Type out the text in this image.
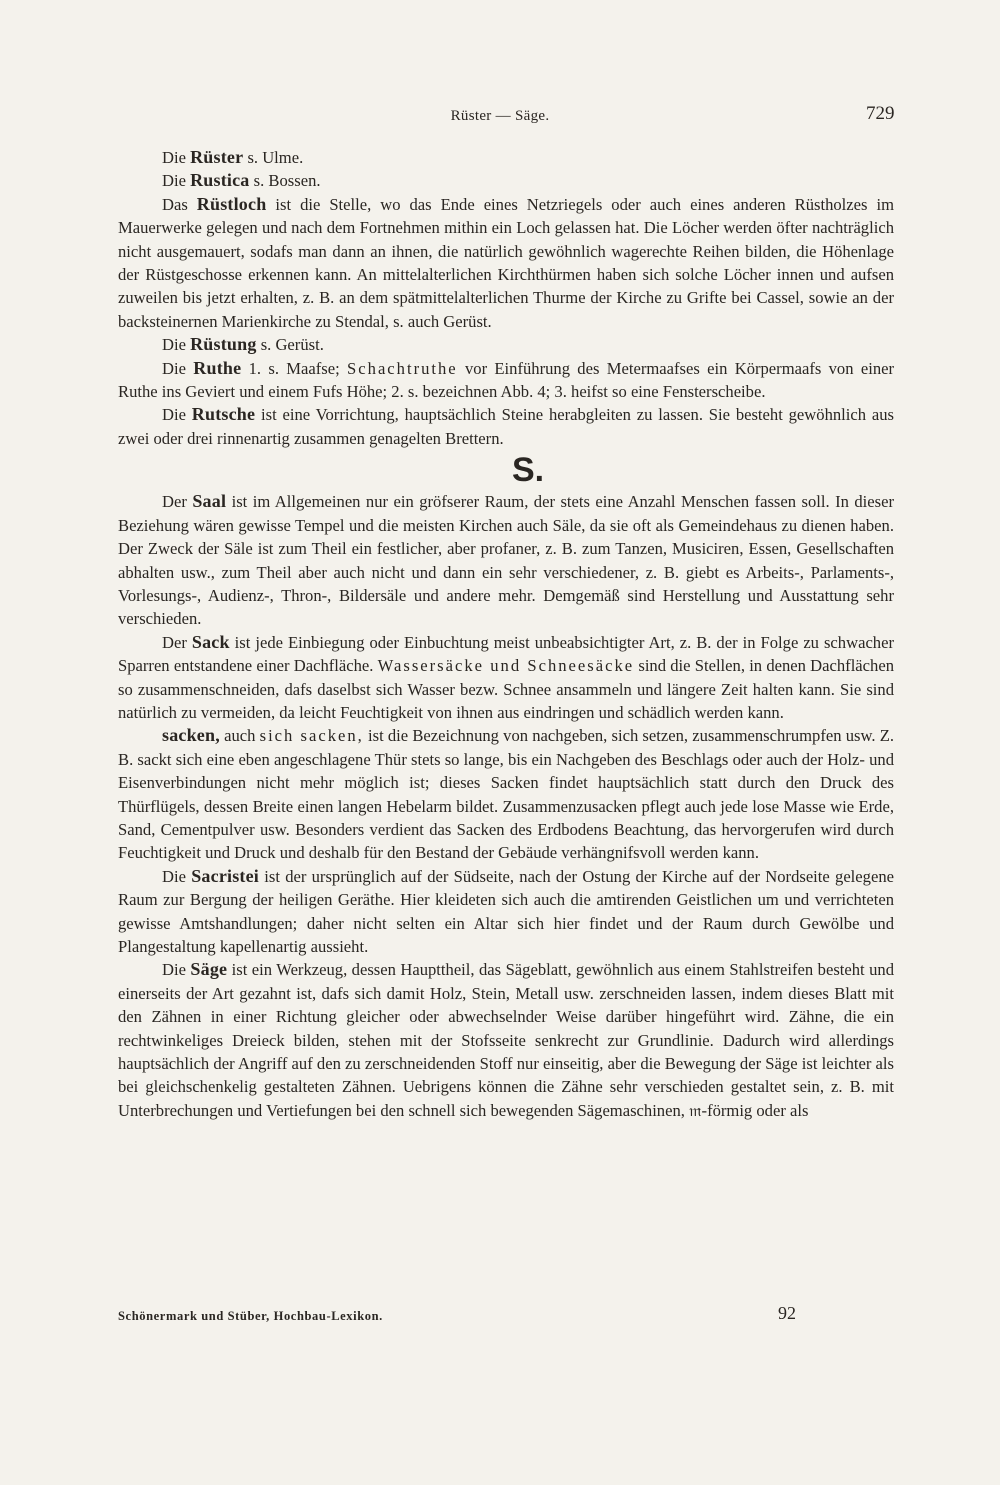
Rüster — Säge.	729

Die Rüster s. Ulme.

Die Rustica s. Bossen.

Das Rüstloch ist die Stelle, wo das Ende eines Netzriegels oder auch eines anderen Rüstholzes im Mauerwerke gelegen und nach dem Fortnehmen mithin ein Loch gelassen hat. Die Löcher werden öfter nachträglich nicht ausgemauert, sodafs man dann an ihnen, die natürlich gewöhnlich wagerechte Reihen bilden, die Höhenlage der Rüstgeschosse erkennen kann. An mittelalterlichen Kirchthürmen haben sich solche Löcher innen und aufsen zuweilen bis jetzt erhalten, z. B. an dem spätmittelalterlichen Thurme der Kirche zu Grifte bei Cassel, sowie an der backsteinernen Marienkirche zu Stendal, s. auch Gerüst.

Die Rüstung s. Gerüst.

Die Ruthe 1. s. Maafse; Schachtruthe vor Einführung des Metermaafses ein Körpermaafs von einer Ruthe ins Geviert und einem Fufs Höhe; 2. s. bezeichnen Abb. 4; 3. heifst so eine Fensterscheibe.

Die Rutsche ist eine Vorrichtung, hauptsächlich Steine herabgleiten zu lassen. Sie besteht gewöhnlich aus zwei oder drei rinnenartig zusammen genagelten Brettern.

S.

Der Saal ist im Allgemeinen nur ein gröfserer Raum, der stets eine Anzahl Menschen fassen soll. In dieser Beziehung wären gewisse Tempel und die meisten Kirchen auch Säle, da sie oft als Gemeindehaus zu dienen haben. Der Zweck der Säle ist zum Theil ein festlicher, aber profaner, z. B. zum Tanzen, Musiciren, Essen, Gesellschaften abhalten usw., zum Theil aber auch nicht und dann ein sehr verschiedener, z. B. giebt es Arbeits-, Parlaments-, Vorlesungs-, Audienz-, Thron-, Bildersäle und andere mehr. Demgemäß sind Herstellung und Ausstattung sehr verschieden.

Der Sack ist jede Einbiegung oder Einbuchtung meist unbeabsichtigter Art, z. B. der in Folge zu schwacher Sparren entstandene einer Dachfläche. Wassersäcke und Schneesäcke sind die Stellen, in denen Dachflächen so zusammenschneiden, dafs daselbst sich Wasser bezw. Schnee ansammeln und längere Zeit halten kann. Sie sind natürlich zu vermeiden, da leicht Feuchtigkeit von ihnen aus eindringen und schädlich werden kann.

sacken, auch sich sacken, ist die Bezeichnung von nachgeben, sich setzen, zusammenschrumpfen usw. Z. B. sackt sich eine eben angeschlagene Thür stets so lange, bis ein Nachgeben des Beschlags oder auch der Holz- und Eisenverbindungen nicht mehr möglich ist; dieses Sacken findet hauptsächlich statt durch den Druck des Thürflügels, dessen Breite einen langen Hebelarm bildet. Zusammenzusacken pflegt auch jede lose Masse wie Erde, Sand, Cementpulver usw. Besonders verdient das Sacken des Erdbodens Beachtung, das hervorgerufen wird durch Feuchtigkeit und Druck und deshalb für den Bestand der Gebäude verhängnifsvoll werden kann.

Die Sacristei ist der ursprünglich auf der Südseite, nach der Ostung der Kirche auf der Nordseite gelegene Raum zur Bergung der heiligen Geräthe. Hier kleideten sich auch die amtirenden Geistlichen um und verrichteten gewisse Amtshandlungen; daher nicht selten ein Altar sich hier findet und der Raum durch Gewölbe und Plangestaltung kapellenartig aussieht.

Die Säge ist ein Werkzeug, dessen Haupttheil, das Sägeblatt, gewöhnlich aus einem Stahlstreifen besteht und einerseits der Art gezahnt ist, dafs sich damit Holz, Stein, Metall usw. zerschneiden lassen, indem dieses Blatt mit den Zähnen in einer Richtung gleicher oder abwechselnder Weise darüber hingeführt wird. Zähne, die ein rechtwinkeliges Dreieck bilden, stehen mit der Stofsseite senkrecht zur Grundlinie. Dadurch wird allerdings hauptsächlich der Angriff auf den zu zerschneidenden Stoff nur einseitig, aber die Bewegung der Säge ist leichter als bei gleichschenkelig gestalteten Zähnen. Uebrigens können die Zähne sehr verschieden gestaltet sein, z. B. mit Unterbrechungen und Vertiefungen bei den schnell sich bewegenden Sägemaschinen, 𝔪-förmig oder als

Schönermark und Stüber, Hochbau-Lexikon.	92
